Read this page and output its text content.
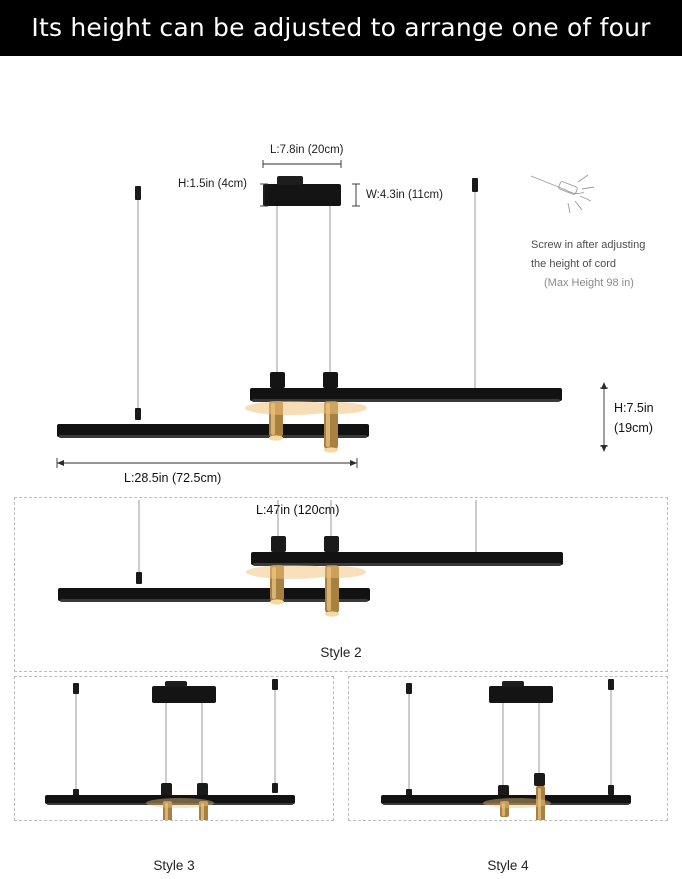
Its height can be adjusted to arrange one of four
L:7.8in (20cm)
H:1.5in (4cm)
W:4.3in (11cm)
Screw in after adjusting
the height of cord
(Max Height 98 in)
H:7.5in
(19cm)
L:28.5in (72.5cm)
L:47in (120cm)
Style 2
Style 3	Style 4
